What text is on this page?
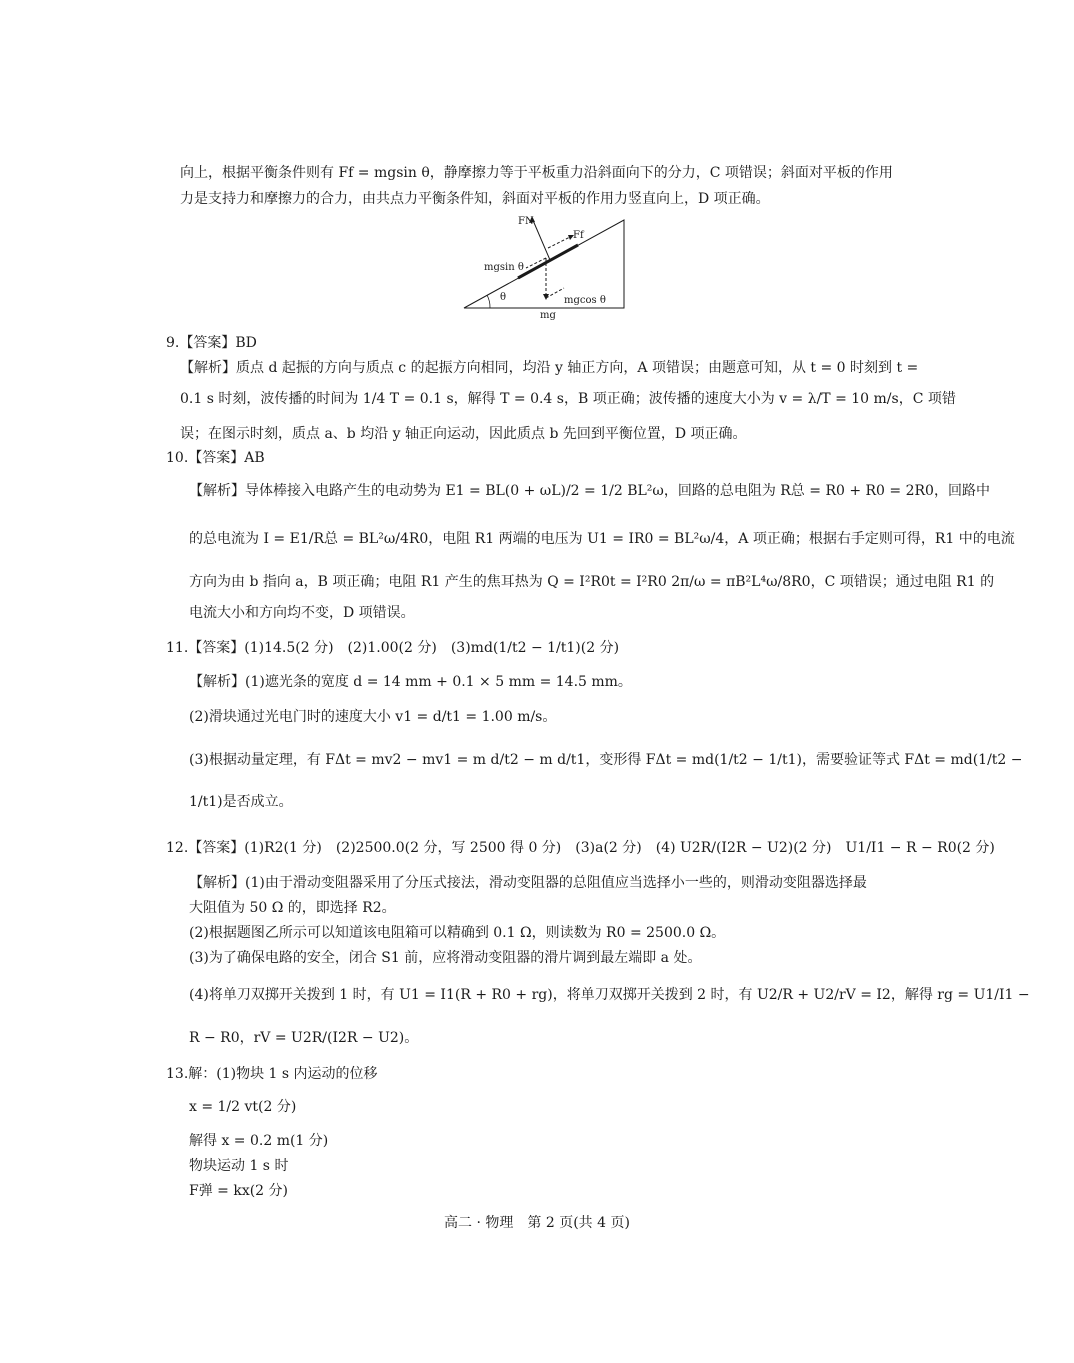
向上，根据平衡条件则有 Ff = mgsin θ，静摩擦力等于平板重力沿斜面向下的分力，C 项错误；斜面对平板的作用
力是支持力和摩擦力的合力，由共点力平衡条件知，斜面对平板的作用力竖直向上，D 项正确。
θ
FN
Ff
mgsin θ
mgcos θ
mg
9.【答案】BD
【解析】质点 d 起振的方向与质点 c 的起振方向相同，均沿 y 轴正方向，A 项错误；由题意可知，从 t = 0 时刻到 t =
0.1 s 时刻，波传播的时间为 1/4 T = 0.1 s，解得 T = 0.4 s，B 项正确；波传播的速度大小为 v = λ/T = 10 m/s，C 项错
误；在图示时刻，质点 a、b 均沿 y 轴正向运动，因此质点 b 先回到平衡位置，D 项正确。
10.【答案】AB
【解析】导体棒接入电路产生的电动势为 E1 = BL(0 + ωL)/2 = 1/2 BL²ω，回路的总电阻为 R总 = R0 + R0 = 2R0，回路中
的总电流为 I = E1/R总 = BL²ω/4R0，电阻 R1 两端的电压为 U1 = IR0 = BL²ω/4，A 项正确；根据右手定则可得，R1 中的电流
方向为由 b 指向 a，B 项正确；电阻 R1 产生的焦耳热为 Q = I²R0t = I²R0 2π/ω = πB²L⁴ω/8R0，C 项错误；通过电阻 R1 的
电流大小和方向均不变，D 项错误。
11.【答案】(1)14.5(2 分)　(2)1.00(2 分)　(3)md(1/t2 − 1/t1)(2 分)
【解析】(1)遮光条的宽度 d = 14 mm + 0.1 × 5 mm = 14.5 mm。
(2)滑块通过光电门时的速度大小 v1 = d/t1 = 1.00 m/s。
(3)根据动量定理，有 FΔt = mv2 − mv1 = m d/t2 − m d/t1，变形得 FΔt = md(1/t2 − 1/t1)，需要验证等式 FΔt = md(1/t2 −
1/t1)是否成立。
12.【答案】(1)R2(1 分)　(2)2500.0(2 分，写 2500 得 0 分)　(3)a(2 分)　(4) U2R/(I2R − U2)(2 分)　U1/I1 − R − R0(2 分)
【解析】(1)由于滑动变阻器采用了分压式接法，滑动变阻器的总阻值应当选择小一些的，则滑动变阻器选择最
大阻值为 50 Ω 的，即选择 R2。
(2)根据题图乙所示可以知道该电阻箱可以精确到 0.1 Ω，则读数为 R0 = 2500.0 Ω。
(3)为了确保电路的安全，闭合 S1 前，应将滑动变阻器的滑片调到最左端即 a 处。
(4)将单刀双掷开关拨到 1 时，有 U1 = I1(R + R0 + rg)，将单刀双掷开关拨到 2 时，有 U2/R + U2/rV = I2，解得 rg = U1/I1 −
R − R0，rV = U2R/(I2R − U2)。
13.解：(1)物块 1 s 内运动的位移
x = 1/2 vt(2 分)
解得 x = 0.2 m(1 分)
物块运动 1 s 时
F弹 = kx(2 分)
高二 · 物理　第 2 页(共 4 页)
